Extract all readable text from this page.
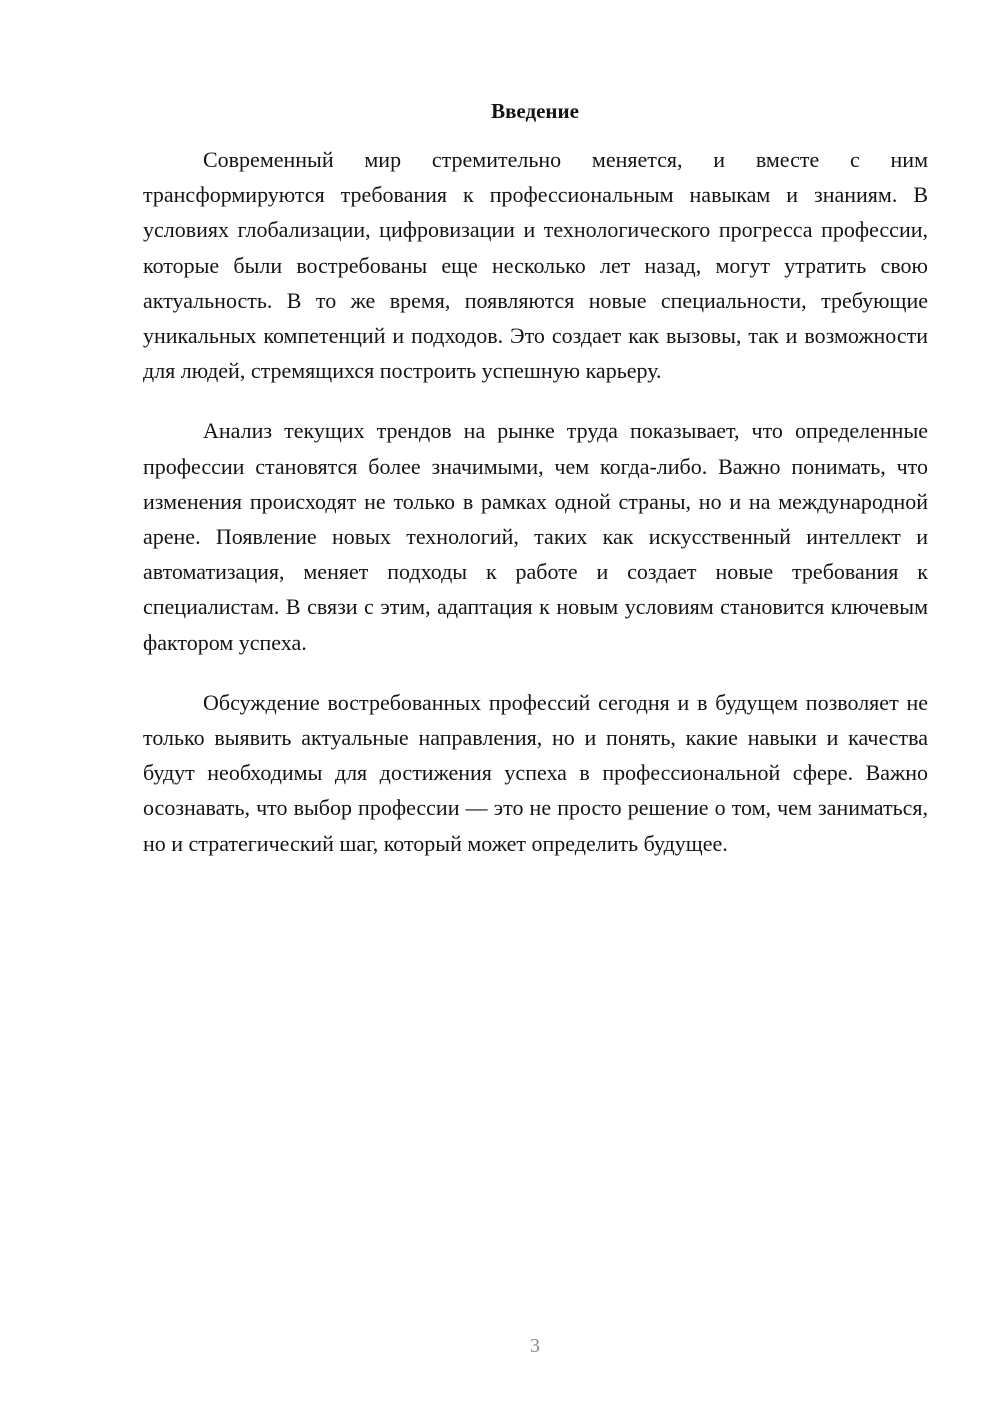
Введение

Современный мир стремительно меняется, и вместе с ним трансформируются требования к профессиональным навыкам и знаниям. В условиях глобализации, цифровизации и технологического прогресса профессии, которые были востребованы еще несколько лет назад, могут утратить свою актуальность. В то же время, появляются новые специальности, требующие уникальных компетенций и подходов. Это создает как вызовы, так и возможности для людей, стремящихся построить успешную карьеру.

Анализ текущих трендов на рынке труда показывает, что определенные профессии становятся более значимыми, чем когда-либо. Важно понимать, что изменения происходят не только в рамках одной страны, но и на международной арене. Появление новых технологий, таких как искусственный интеллект и автоматизация, меняет подходы к работе и создает новые требования к специалистам. В связи с этим, адаптация к новым условиям становится ключевым фактором успеха.

Обсуждение востребованных профессий сегодня и в будущем позволяет не только выявить актуальные направления, но и понять, какие навыки и качества будут необходимы для достижения успеха в профессиональной сфере. Важно осознавать, что выбор профессии — это не просто решение о том, чем заниматься, но и стратегический шаг, который может определить будущее.

3
